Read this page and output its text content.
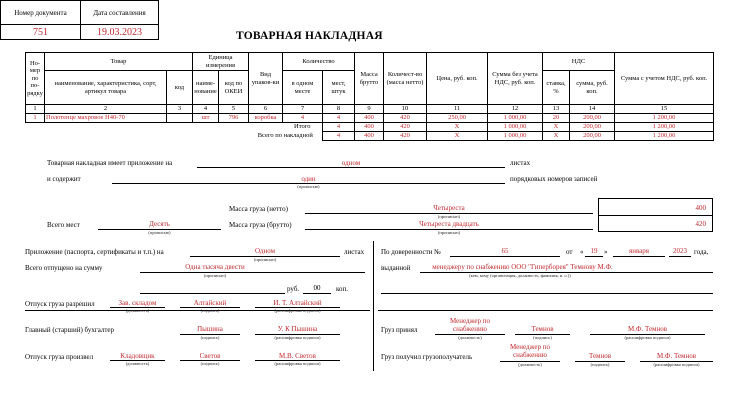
ТОВАРНАЯ НАКЛАДНАЯ
Номер документа	Дата составления
751	19.03.2023
Но-мер по по-рядку	Товар		Единица измерения		Вид упаков-ки	Количество		Масса брутто	Количест-во (масса нетто)	Цена, руб. коп.	Сумма без учета НДС, руб. коп.	НДС		Сумма с учетом НДС, руб. коп.
	наименование, характеристика, сорт, артикул товара	код	наиме-нование	код по ОКЕИ		в одном месте	мест, штук					ставка, %	сумма, руб. коп.	
1	2	3	4	5	6	7	8	9	10	11	12	13	14	15
1	Полотенце махровое Н40-70		шт	796	коробка	4	4	400	420	250,00	1 000,00	20	200,00	1 200,00
						Итого	4	400	420	X	1 000,00	X	200,00	1 200,00
					Всего по накладной		4	400	420	X	1 000,00	X	200,00	1 200,00
Товарная накладная имеет приложение на	одном	листах
и содержит	один
(прописью)
порядковых номеров записей
Масса груза (нетто)	Четыреста
(прописью)
Масса груза (брутто)	Четыреста двадцать
(прописью)
400
420
Всего мест	Десять
(прописью)
Приложение (паспорта, сертификаты и т.п.) на	Одном
(прописью)
листах
Всего отпущено на сумму	Одна тысяча двести
(прописью)
руб.	00	коп.
Отпуск груза разрешил	Зав. складом
(должность)
Алтайский
(подпись)
И. Т. Алтайский
(расшифровка подписи)
Главный (старший) бухгалтер	Пышина
(подпись)
У. К Пышина
(расшифровка подписи)
Отпуск груза произвел	Кладовщик
(должность)
Светов
(подпись)
М.В. Светов
(расшифровка подписи)
По доверенности №	65	от «	19 »	января	2023	года,
выданной	менеджеру по снабжению ООО "Гиперборея" Темнову М.Ф.
(кем, кому (организация, должность, фамилия, и. о.))
Груз принял
Менеджер по снабжению
(должность)
Темнов
(подпись)
М.Ф. Темнов
(расшифровка подписи)
Груз получил грузополучатель
Менеджер по снабжению
(должность)
Темнов
(подпись)
М.Ф. Темнов
(расшифровка подписи)
